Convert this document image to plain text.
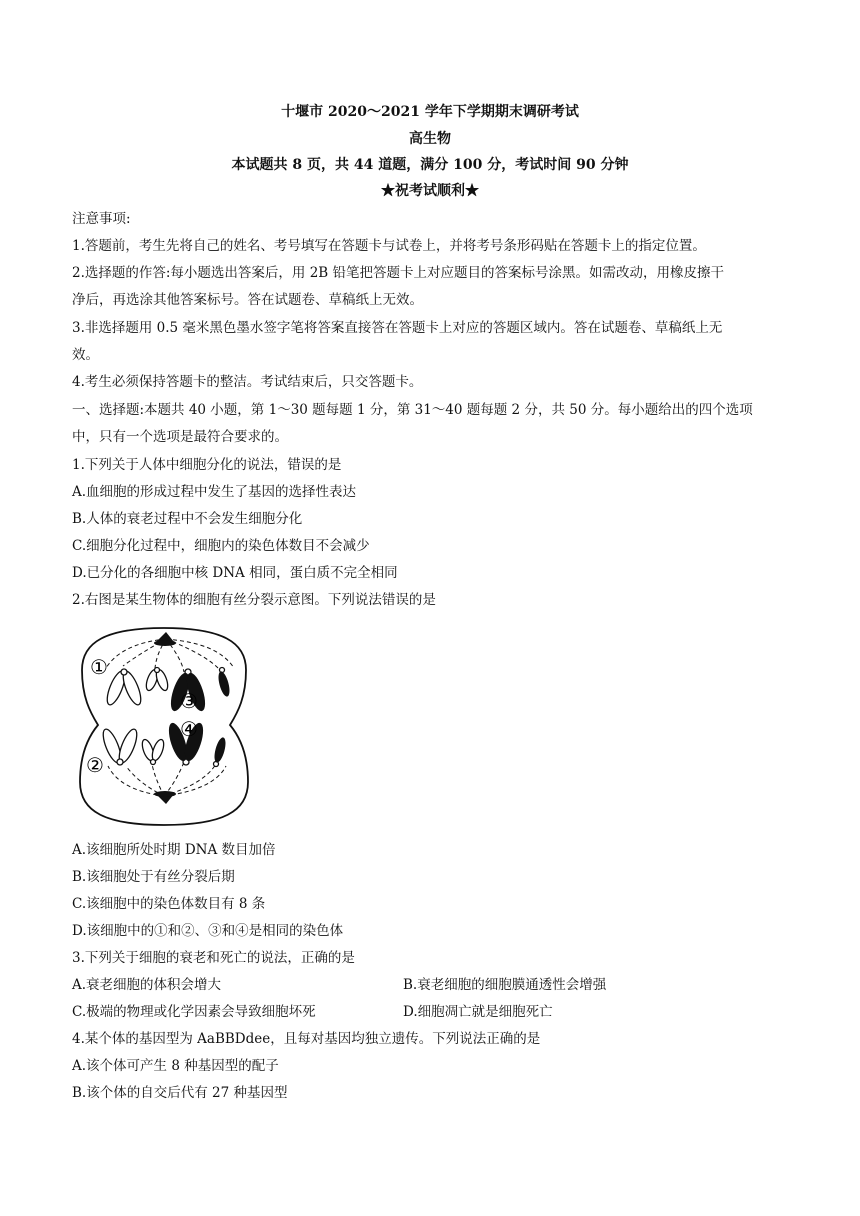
十堰市 2020～2021 学年下学期期末调研考试
高生物
本试题共 8 页，共 44 道题，满分 100 分，考试时间 90 分钟
★祝考试顺利★
注意事项:
1.答题前，考生先将自己的姓名、考号填写在答题卡与试卷上，并将考号条形码贴在答题卡上的指定位置。
2.选择题的作答:每小题选出答案后，用 2B 铅笔把答题卡上对应题目的答案标号涂黑。如需改动，用橡皮擦干
净后，再选涂其他答案标号。答在试题卷、草稿纸上无效。
3.非选择题用 0.5 毫米黑色墨水签字笔将答案直接答在答题卡上对应的答题区域内。答在试题卷、草稿纸上无
效。
4.考生必须保持答题卡的整洁。考试结束后，只交答题卡。
一、选择题:本题共 40 小题，第 1～30 题每题 1 分，第 31～40 题每题 2 分，共 50 分。每小题给出的四个选项
中，只有一个选项是最符合要求的。
1.下列关于人体中细胞分化的说法，错误的是
A.血细胞的形成过程中发生了基因的选择性表达
B.人体的衰老过程中不会发生细胞分化
C.细胞分化过程中，细胞内的染色体数目不会减少
D.已分化的各细胞中核 DNA 相同，蛋白质不完全相同
2.右图是某生物体的细胞有丝分裂示意图。下列说法错误的是
①
②
③
④
A.该细胞所处时期 DNA 数目加倍
B.该细胞处于有丝分裂后期
C.该细胞中的染色体数目有 8 条
D.该细胞中的①和②、③和④是相同的染色体
3.下列关于细胞的衰老和死亡的说法，正确的是
A.衰老细胞的体积会增大	B.衰老细胞的细胞膜通透性会增强
C.极端的物理或化学因素会导致细胞坏死	D.细胞凋亡就是细胞死亡
4.某个体的基因型为 AaBBDdee，且每对基因均独立遗传。下列说法正确的是
A.该个体可产生 8 种基因型的配子
B.该个体的自交后代有 27 种基因型
